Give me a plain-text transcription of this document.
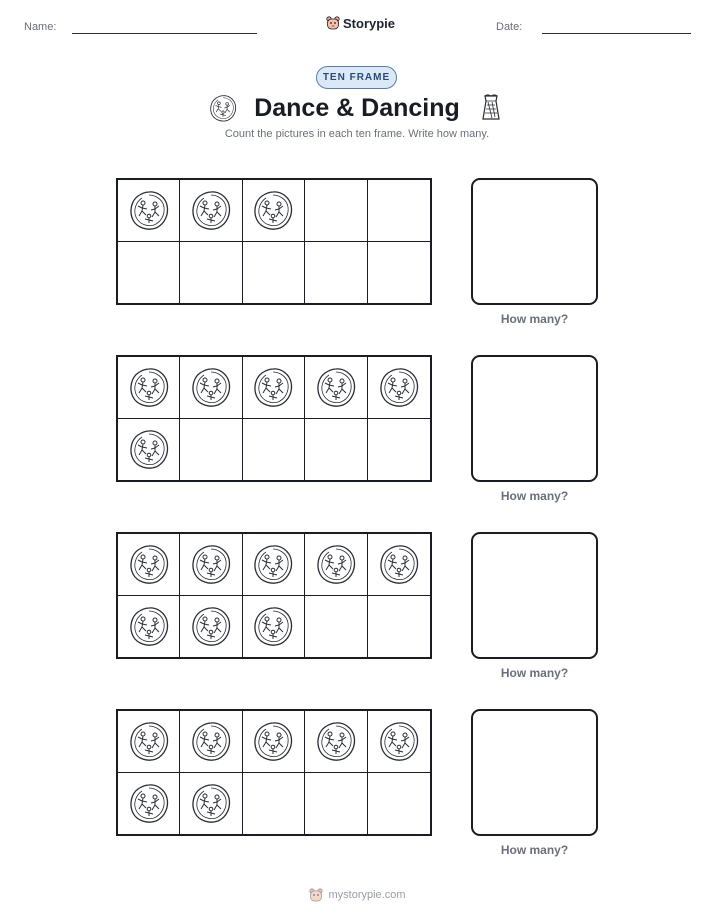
Name:	Storypie	Date:
TEN FRAME
Dance & Dancing
Count the pictures in each ten frame. Write how many.
How many?
How many?
How many?
How many?
mystorypie.com
